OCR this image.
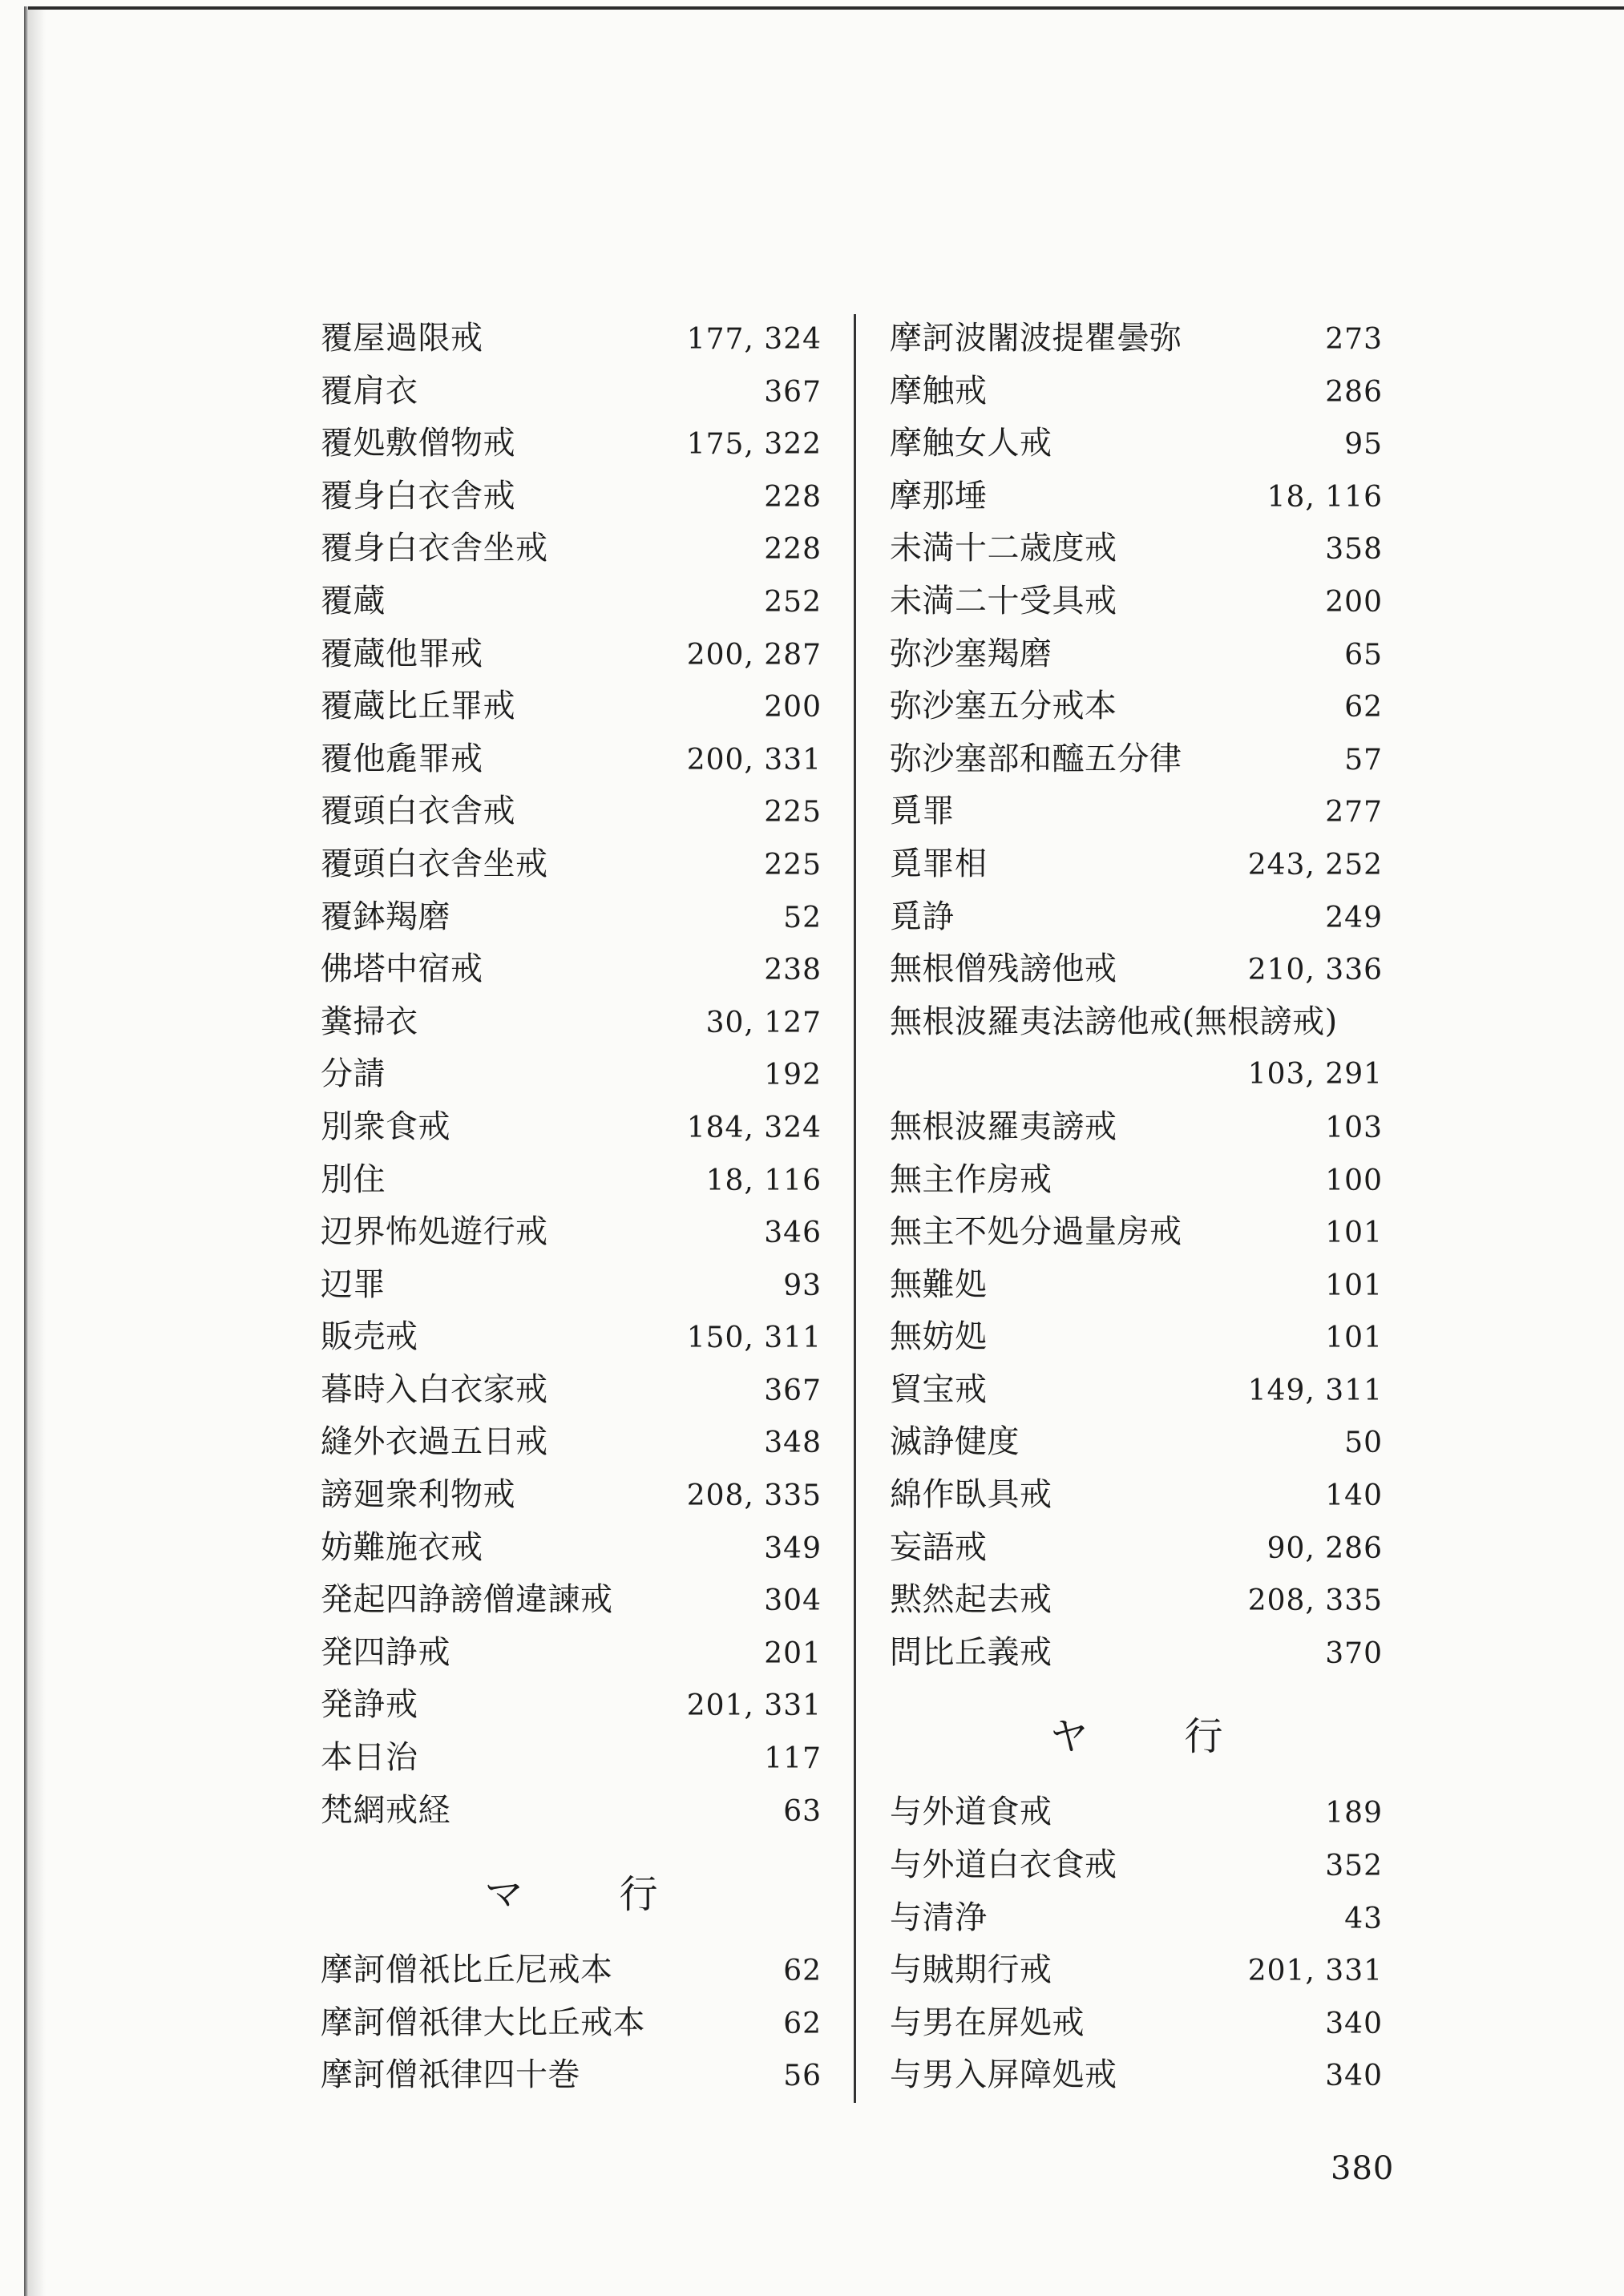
覆屋過限戒	177, 324
覆肩衣	367
覆処敷僧物戒	175, 322
覆身白衣舎戒	228
覆身白衣舎坐戒	228
覆蔵	252
覆蔵他罪戒	200, 287
覆蔵比丘罪戒	200
覆他麁罪戒	200, 331
覆頭白衣舎戒	225
覆頭白衣舎坐戒	225
覆鉢羯磨	52
佛塔中宿戒	238
糞掃衣	30, 127
分請	192
別衆食戒	184, 324
別住	18, 116
辺界怖処遊行戒	346
辺罪	93
販売戒	150, 311
暮時入白衣家戒	367
縫外衣過五日戒	348
謗廻衆利物戒	208, 335
妨難施衣戒	349
発起四諍謗僧違諫戒	304
発四諍戒	201
発諍戒	201, 331
本日治	117
梵網戒経	63
マ	行
摩訶僧祇比丘尼戒本	62
摩訶僧祇律大比丘戒本	62
摩訶僧祇律四十巻	56
摩訶波闍波提瞿曇弥	273
摩触戒	286
摩触女人戒	95
摩那埵	18, 116
未満十二歳度戒	358
未満二十受具戒	200
弥沙塞羯磨	65
弥沙塞五分戒本	62
弥沙塞部和醯五分律	57
覓罪	277
覓罪相	243, 252
覓諍	249
無根僧残謗他戒	210, 336
無根波羅夷法謗他戒(無根謗戒)
103, 291
無根波羅夷謗戒	103
無主作房戒	100
無主不処分過量房戒	101
無難処	101
無妨処	101
貿宝戒	149, 311
滅諍健度	50
綿作臥具戒	140
妄語戒	90, 286
黙然起去戒	208, 335
問比丘義戒	370
ヤ	行
与外道食戒	189
与外道白衣食戒	352
与清浄	43
与賊期行戒	201, 331
与男在屏処戒	340
与男入屏障処戒	340
380
